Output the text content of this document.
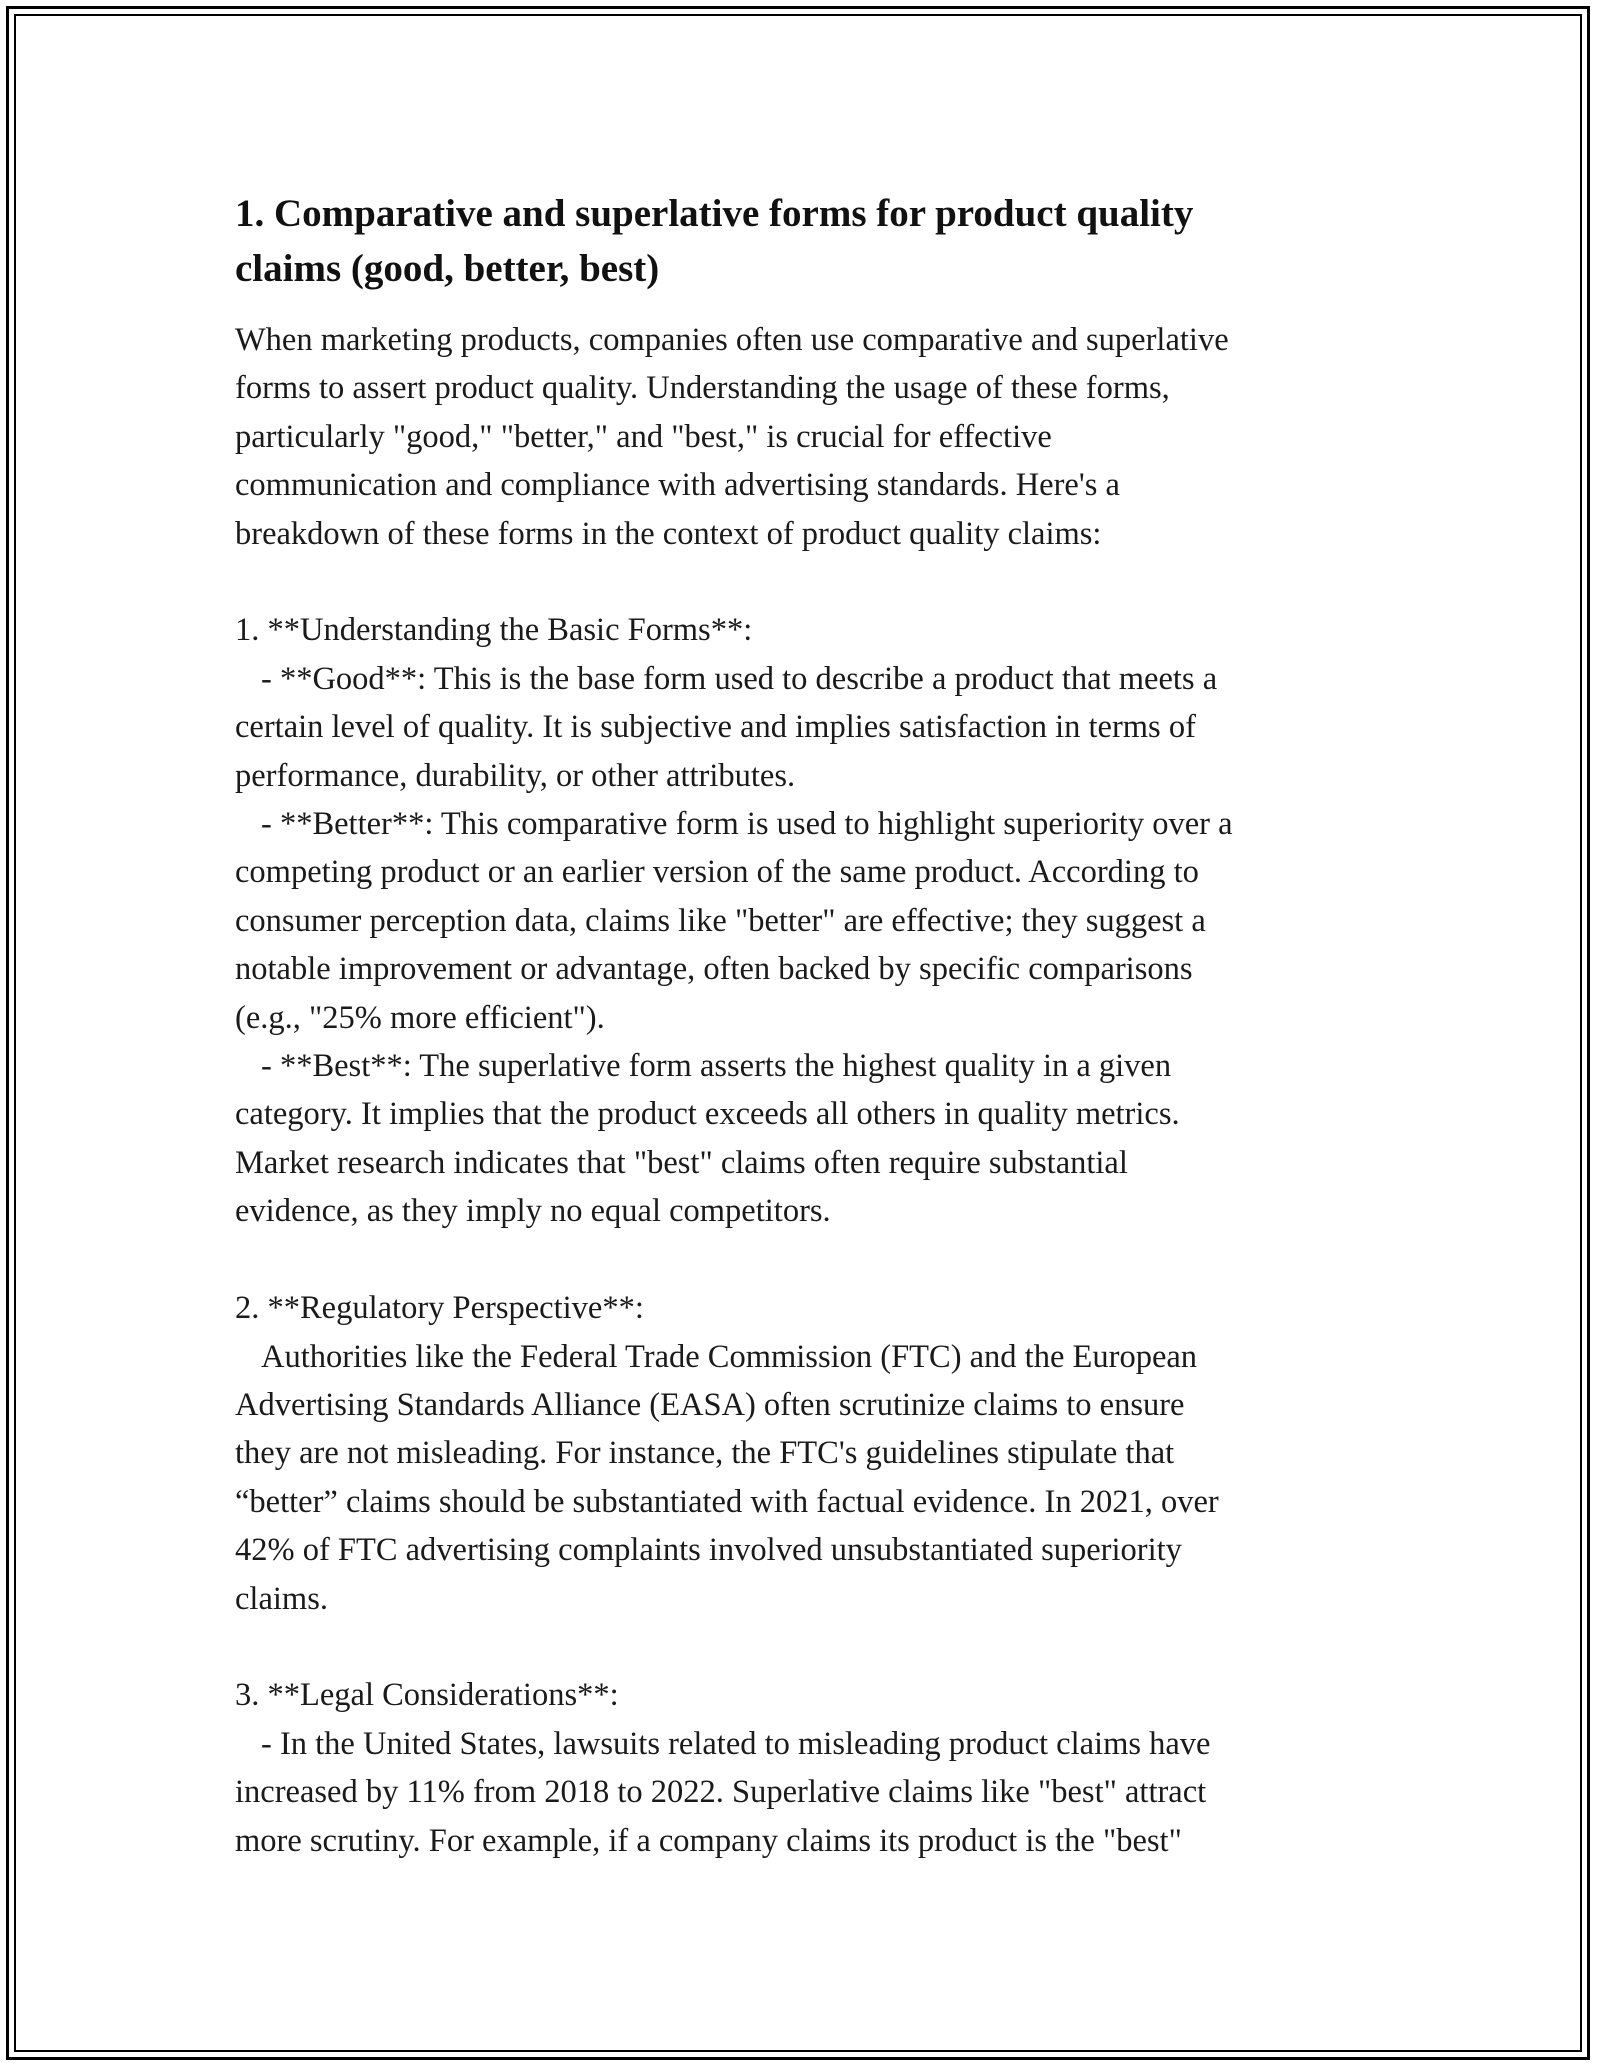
1. Comparative and superlative forms for product quality
claims (good, better, best)
When marketing products, companies often use comparative and superlative
forms to assert product quality. Understanding the usage of these forms,
particularly "good," "better," and "best," is crucial for effective
communication and compliance with advertising standards. Here's a
breakdown of these forms in the context of product quality claims:
1. **Understanding the Basic Forms**:
- **Good**: This is the base form used to describe a product that meets a
certain level of quality. It is subjective and implies satisfaction in terms of
performance, durability, or other attributes.
- **Better**: This comparative form is used to highlight superiority over a
competing product or an earlier version of the same product. According to
consumer perception data, claims like "better" are effective; they suggest a
notable improvement or advantage, often backed by specific comparisons
(e.g., "25% more efficient").
- **Best**: The superlative form asserts the highest quality in a given
category. It implies that the product exceeds all others in quality metrics.
Market research indicates that "best" claims often require substantial
evidence, as they imply no equal competitors.
2. **Regulatory Perspective**:
Authorities like the Federal Trade Commission (FTC) and the European
Advertising Standards Alliance (EASA) often scrutinize claims to ensure
they are not misleading. For instance, the FTC's guidelines stipulate that
“better” claims should be substantiated with factual evidence. In 2021, over
42% of FTC advertising complaints involved unsubstantiated superiority
claims.
3. **Legal Considerations**:
- In the United States, lawsuits related to misleading product claims have
increased by 11% from 2018 to 2022. Superlative claims like "best" attract
more scrutiny. For example, if a company claims its product is the "best"
